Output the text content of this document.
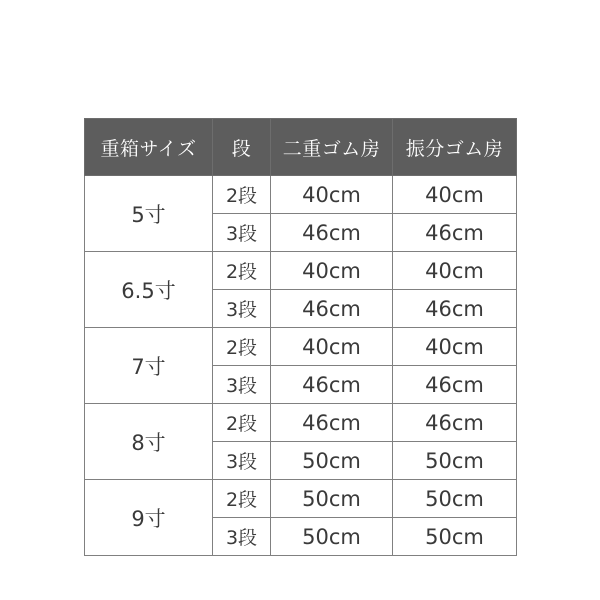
重箱サイズ	段	二重ゴム房	振分ゴム房
5寸	2段	40cm	40cm
	3段	46cm	46cm
6.5寸	2段	40cm	40cm
	3段	46cm	46cm
7寸	2段	40cm	40cm
	3段	46cm	46cm
8寸	2段	46cm	46cm
	3段	50cm	50cm
9寸	2段	50cm	50cm
	3段	50cm	50cm
